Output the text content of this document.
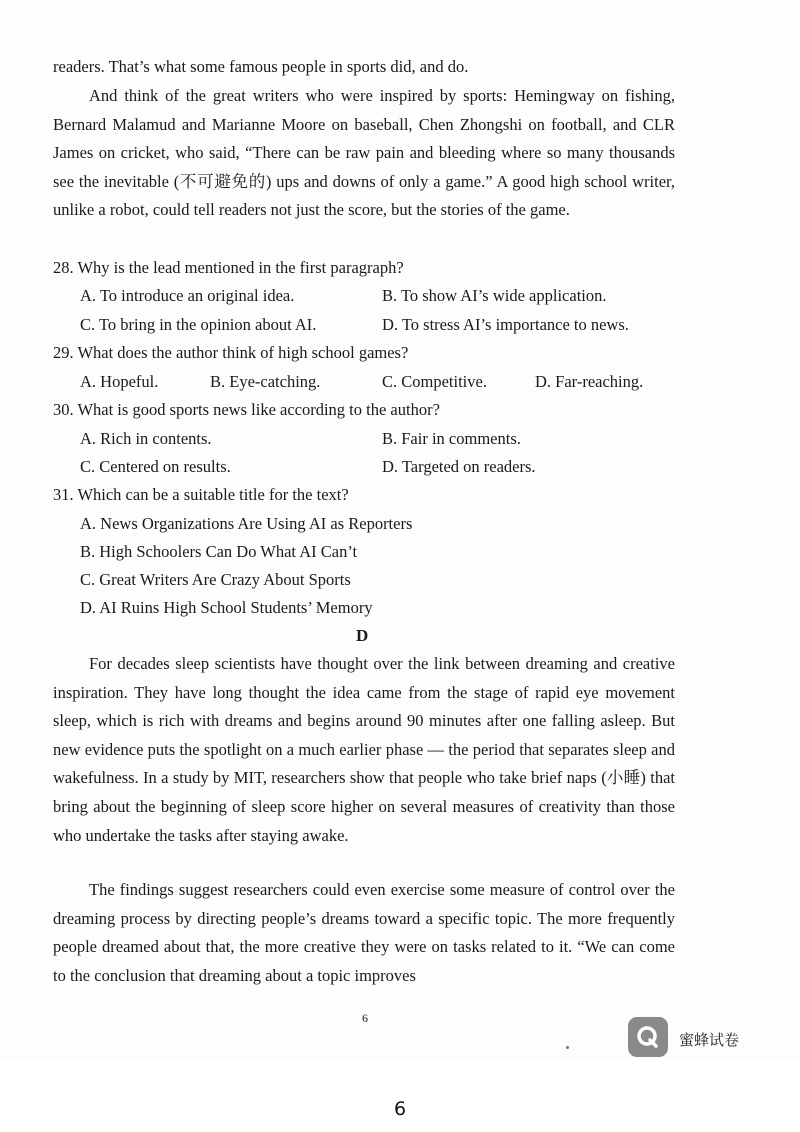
readers. That’s what some famous people in sports did, and do.

And think of the great writers who were inspired by sports: Hemingway on fishing, Bernard Malamud and Marianne Moore on baseball, Chen Zhongshi on football, and CLR James on cricket, who said, “There can be raw pain and bleeding where so many thousands see the inevitable (不可避免的) ups and downs of only a game.” A good high school writer, unlike a robot, could tell readers not just the score, but the stories of the game.

28. Why is the lead mentioned in the first paragraph?

A. To introduce an original idea.	B. To show AI’s wide application.

C. To bring in the opinion about AI.	D. To stress AI’s importance to news.

29. What does the author think of high school games?

A. Hopeful.	B. Eye-catching.	C. Competitive.	D. Far-reaching.

30. What is good sports news like according to the author?

A. Rich in contents.	B. Fair in comments.

C. Centered on results.	D. Targeted on readers.

31. Which can be a suitable title for the text?

A. News Organizations Are Using AI as Reporters

B. High Schoolers Can Do What AI Can’t

C. Great Writers Are Crazy About Sports

D. AI Ruins High School Students’ Memory

D

For decades sleep scientists have thought over the link between dreaming and creative inspiration. They have long thought the idea came from the stage of rapid eye movement sleep, which is rich with dreams and begins around 90 minutes after one falling asleep. But new evidence puts the spotlight on a much earlier phase — the period that separates sleep and wakefulness. In a study by MIT, researchers show that people who take brief naps (小睡) that bring about the beginning of sleep score higher on several measures of creativity than those who undertake the tasks after staying awake.

The findings suggest researchers could even exercise some measure of control over the dreaming process by directing people’s dreams toward a specific topic. The more frequently people dreamed about that, the more creative they were on tasks related to it. “We can come to the conclusion that dreaming about a topic improves

6
蜜蜂试卷
6
